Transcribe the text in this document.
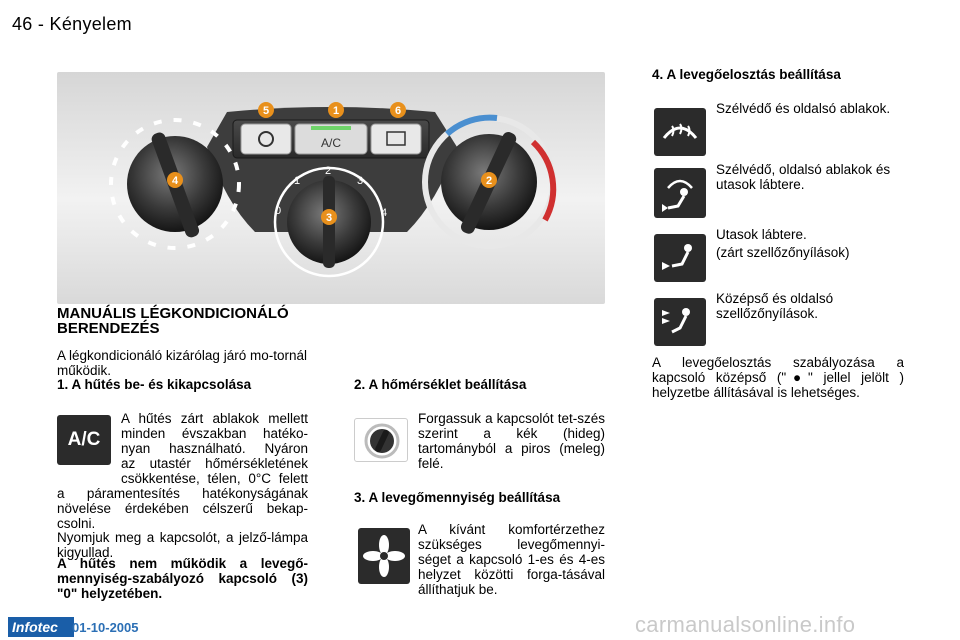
46 - Kényelem
A/C
0
1
2
3
4
5	1	6
4	2
3
MANUÁLIS LÉGKONDICIONÁLÓ
BERENDEZÉS
A légkondicionáló kizárólag járó mo-tornál működik.
1. A hűtés be- és kikapcsolása
A/C
A hűtés zárt ablakok mellett
minden évszakban hatéko-
nyan használható. Nyáron
az utastér hőmérsékletének
csökkentése, télen, 0°C felett
a páramentesítés hatékonyságának növelése érdekében célszerű bekap-csolni.
Nyomjuk meg a kapcsolót, a jelző-lámpa kigyullad.
A hűtés nem működik a levegő-mennyiség-szabályozó kapcsoló (3) "0" helyzetében.
2. A hőmérséklet beállítása
Forgassuk a kapcsolót tet-szés szerint a kék (hideg) tartományból a piros (meleg) felé.
3. A levegőmennyiség beállítása
A kívánt komfortérzethez szükséges levegőmennyi-séget a kapcsoló 1-es és 4-es helyzet közötti forga-tásával állíthatjuk be.
4. A levegőelosztás beállítása
Szélvédő és oldalsó ablakok.
Szélvédő, oldalsó ablakok és utasok lábtere.
Utasok lábtere.
(zárt szellőzőnyílások)
Középső és oldalsó szellőzőnyílások.
A levegőelosztás szabályozása a kapcsoló középső ("●" jellel jelölt ) helyzetbe állításával is lehetséges.
Infotec	01-10-2005	carmanualsonline.info
